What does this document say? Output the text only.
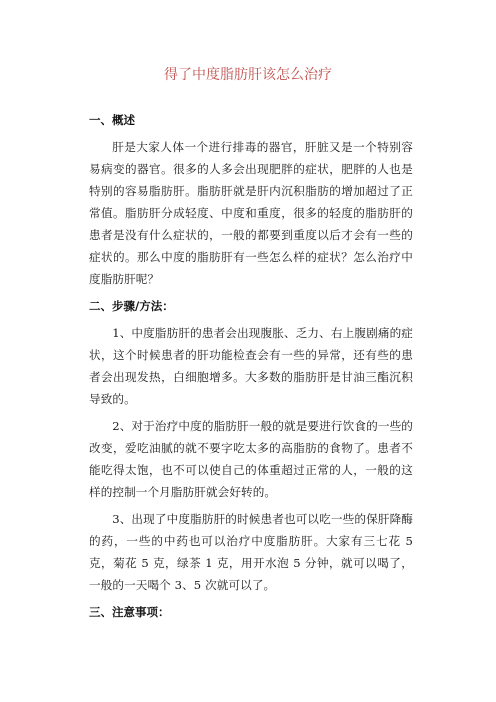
得了中度脂肪肝该怎么治疗
一、概述

肝是大家人体一个进行排毒的器官，肝脏又是一个特别容易病变的器官。很多的人多会出现肥胖的症状，肥胖的人也是特别的容易脂肪肝。脂肪肝就是肝内沉积脂肪的增加超过了正常值。脂肪肝分成轻度、中度和重度，很多的轻度的脂肪肝的患者是没有什么症状的，一般的都要到重度以后才会有一些的症状的。那么中度的脂肪肝有一些怎么样的症状？怎么治疗中度脂肪肝呢？

二、步骤/方法：

1、中度脂肪肝的患者会出现腹胀、乏力、右上腹剧痛的症状，这个时候患者的肝功能检查会有一些的异常，还有些的患者会出现发热，白细胞增多。大多数的脂肪肝是甘油三酯沉积导致的。

2、对于治疗中度的脂肪肝一般的就是要进行饮食的一些的改变，爱吃油腻的就不要字吃太多的高脂肪的食物了。患者不能吃得太饱，也不可以使自己的体重超过正常的人，一般的这样的控制一个月脂肪肝就会好转的。

3、出现了中度脂肪肝的时候患者也可以吃一些的保肝降酶的药，一些的中药也可以治疗中度脂肪肝。大家有三七花 5 克，菊花 5 克，绿茶 1 克，用开水泡 5 分钟，就可以喝了，一般的一天喝个 3、5 次就可以了。

三、注意事项：
